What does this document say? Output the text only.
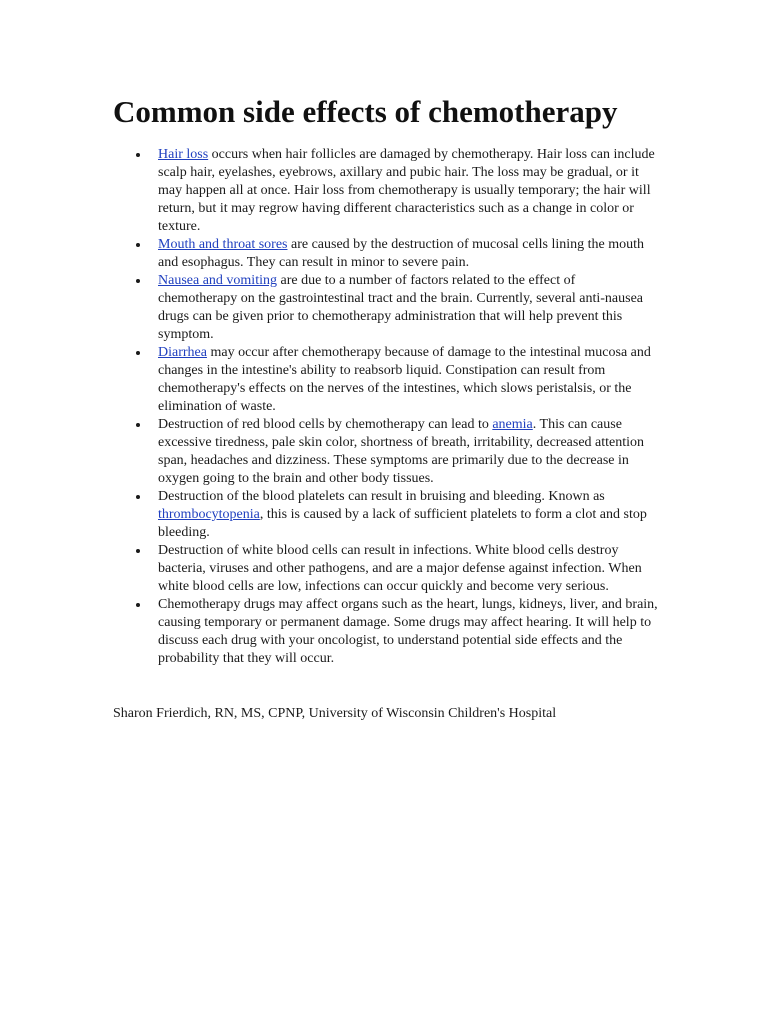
Common side effects of chemotherapy
Hair loss occurs when hair follicles are damaged by chemotherapy. Hair loss can include scalp hair, eyelashes, eyebrows, axillary and pubic hair. The loss may be gradual, or it may happen all at once. Hair loss from chemotherapy is usually temporary; the hair will return, but it may regrow having different characteristics such as a change in color or texture.
Mouth and throat sores are caused by the destruction of mucosal cells lining the mouth and esophagus. They can result in minor to severe pain.
Nausea and vomiting are due to a number of factors related to the effect of chemotherapy on the gastrointestinal tract and the brain. Currently, several anti-nausea drugs can be given prior to chemotherapy administration that will help prevent this symptom.
Diarrhea may occur after chemotherapy because of damage to the intestinal mucosa and changes in the intestine's ability to reabsorb liquid. Constipation can result from chemotherapy's effects on the nerves of the intestines, which slows peristalsis, or the elimination of waste.
Destruction of red blood cells by chemotherapy can lead to anemia. This can cause excessive tiredness, pale skin color, shortness of breath, irritability, decreased attention span, headaches and dizziness. These symptoms are primarily due to the decrease in oxygen going to the brain and other body tissues.
Destruction of the blood platelets can result in bruising and bleeding. Known as thrombocytopenia, this is caused by a lack of sufficient platelets to form a clot and stop bleeding.
Destruction of white blood cells can result in infections. White blood cells destroy bacteria, viruses and other pathogens, and are a major defense against infection. When white blood cells are low, infections can occur quickly and become very serious.
Chemotherapy drugs may affect organs such as the heart, lungs, kidneys, liver, and brain, causing temporary or permanent damage. Some drugs may affect hearing. It will help to discuss each drug with your oncologist, to understand potential side effects and the probability that they will occur.

Sharon Frierdich, RN, MS, CPNP, University of Wisconsin Children's Hospital
